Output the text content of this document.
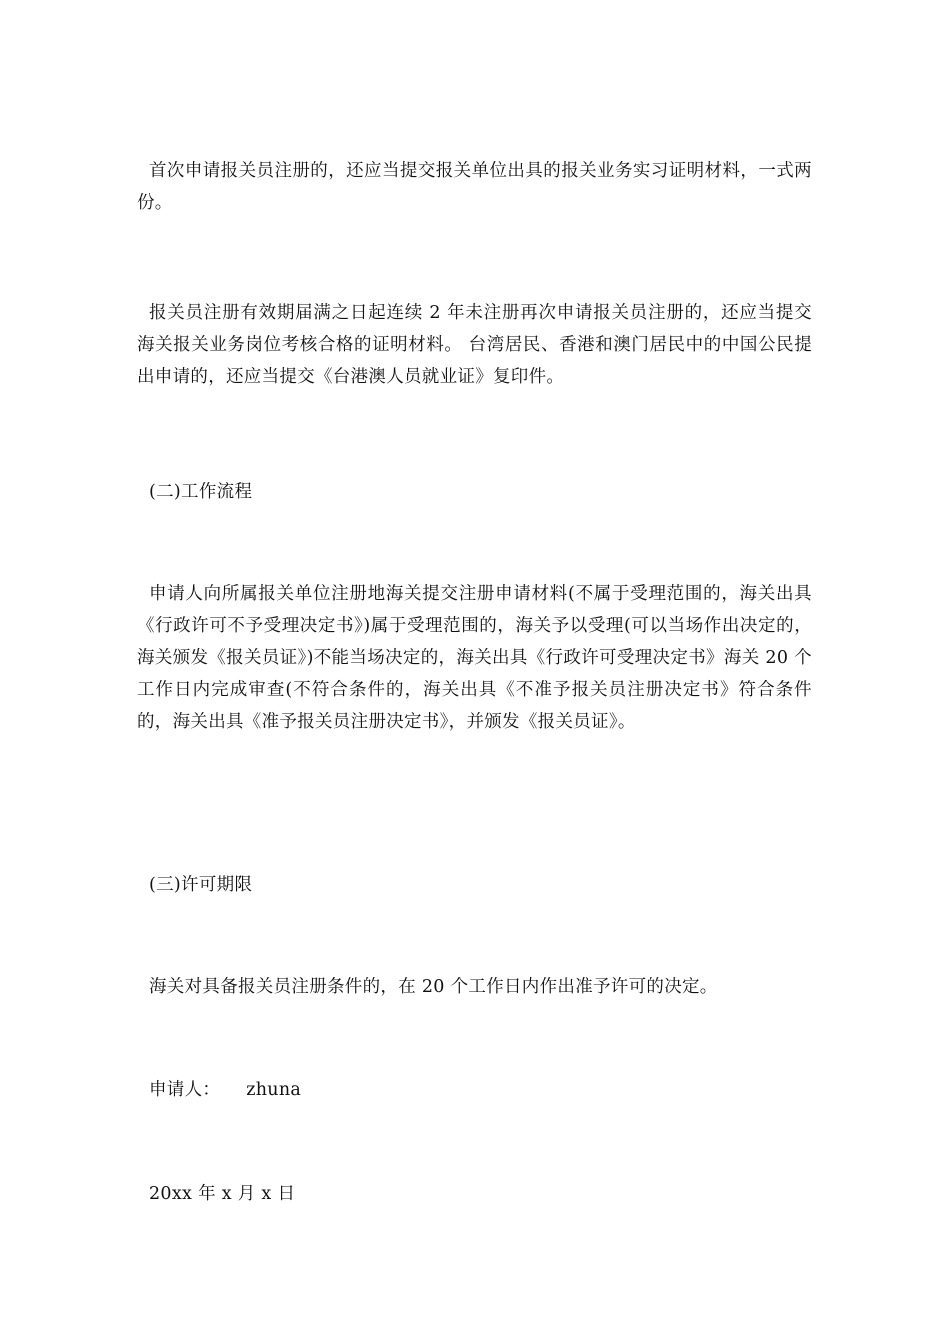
首次申请报关员注册的，还应当提交报关单位出具的报关业务实习证明材料，一式两份。

报关员注册有效期届满之日起连续 2 年未注册再次申请报关员注册的，还应当提交海关报关业务岗位考核合格的证明材料。 台湾居民、香港和澳门居民中的中国公民提出申请的，还应当提交《台港澳人员就业证》复印件。

(二)工作流程

申请人向所属报关单位注册地海关提交注册申请材料(不属于受理范围的，海关出具《行政许可不予受理决定书》)属于受理范围的，海关予以受理(可以当场作出决定的，海关颁发《报关员证》)不能当场决定的，海关出具《行政许可受理决定书》海关 20 个工作日内完成审查(不符合条件的，海关出具《不准予报关员注册决定书》符合条件的，海关出具《准予报关员注册决定书》，并颁发《报关员证》。

(三)许可期限

海关对具备报关员注册条件的，在 20 个工作日内作出准予许可的决定。

申请人： zhuna

20xx 年 x 月 x 日
